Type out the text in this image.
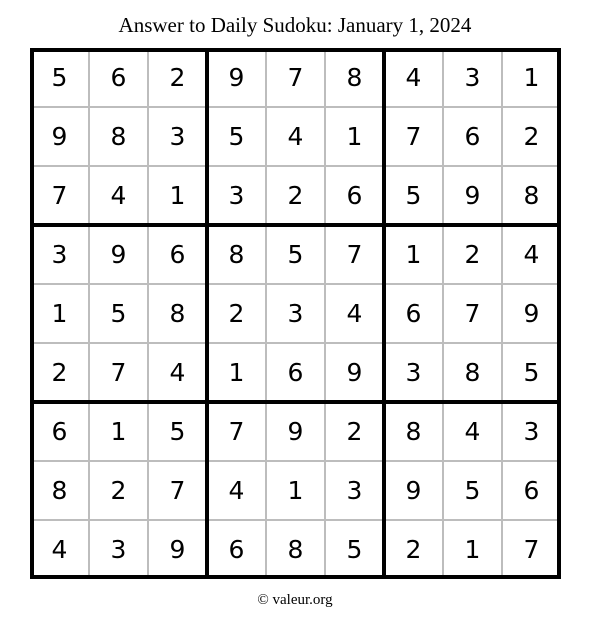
Answer to Daily Sudoku: January 1, 2024
5	6	2	9	7	8	4	3	1
9	8	3	5	4	1	7	6	2
7	4	1	3	2	6	5	9	8
3	9	6	8	5	7	1	2	4
1	5	8	2	3	4	6	7	9
2	7	4	1	6	9	3	8	5
6	1	5	7	9	2	8	4	3
8	2	7	4	1	3	9	5	6
4	3	9	6	8	5	2	1	7
© valeur.org
